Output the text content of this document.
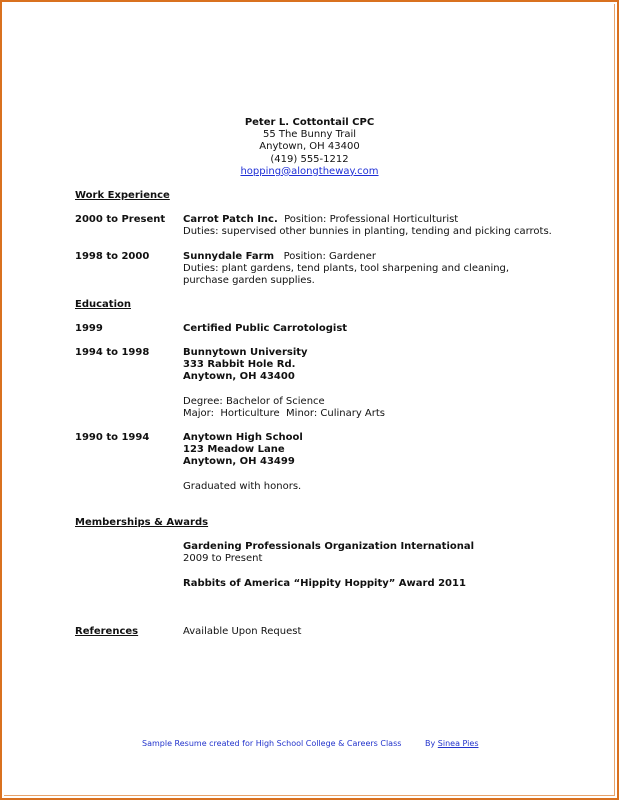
Peter L. Cottontail CPC
55 The Bunny Trail
Anytown, OH 43400
(419) 555-1212
hopping@alongtheway.com
Work Experience
2000 to Present Carrot Patch Inc. Position: Professional Horticulturist
Duties: supervised other bunnies in planting, tending and picking carrots.
1998 to 2000	Sunnydale Farm Position: Gardener
Duties: plant gardens, tend plants, tool sharpening and cleaning,
purchase garden supplies.
Education
1999	Certified Public Carrotologist
1994 to 1998	Bunnytown University
333 Rabbit Hole Rd.
Anytown, OH 43400
Degree: Bachelor of Science
Major:  Horticulture  Minor: Culinary Arts
1990 to 1994	Anytown High School
123 Meadow Lane
Anytown, OH 43499
Graduated with honors.
Memberships & Awards
Gardening Professionals Organization International
2009 to Present
Rabbits of America “Hippity Hoppity” Award 2011
References	Available Upon Request
Sample Resume created for High School College & Careers Class	By Sinea Pies
